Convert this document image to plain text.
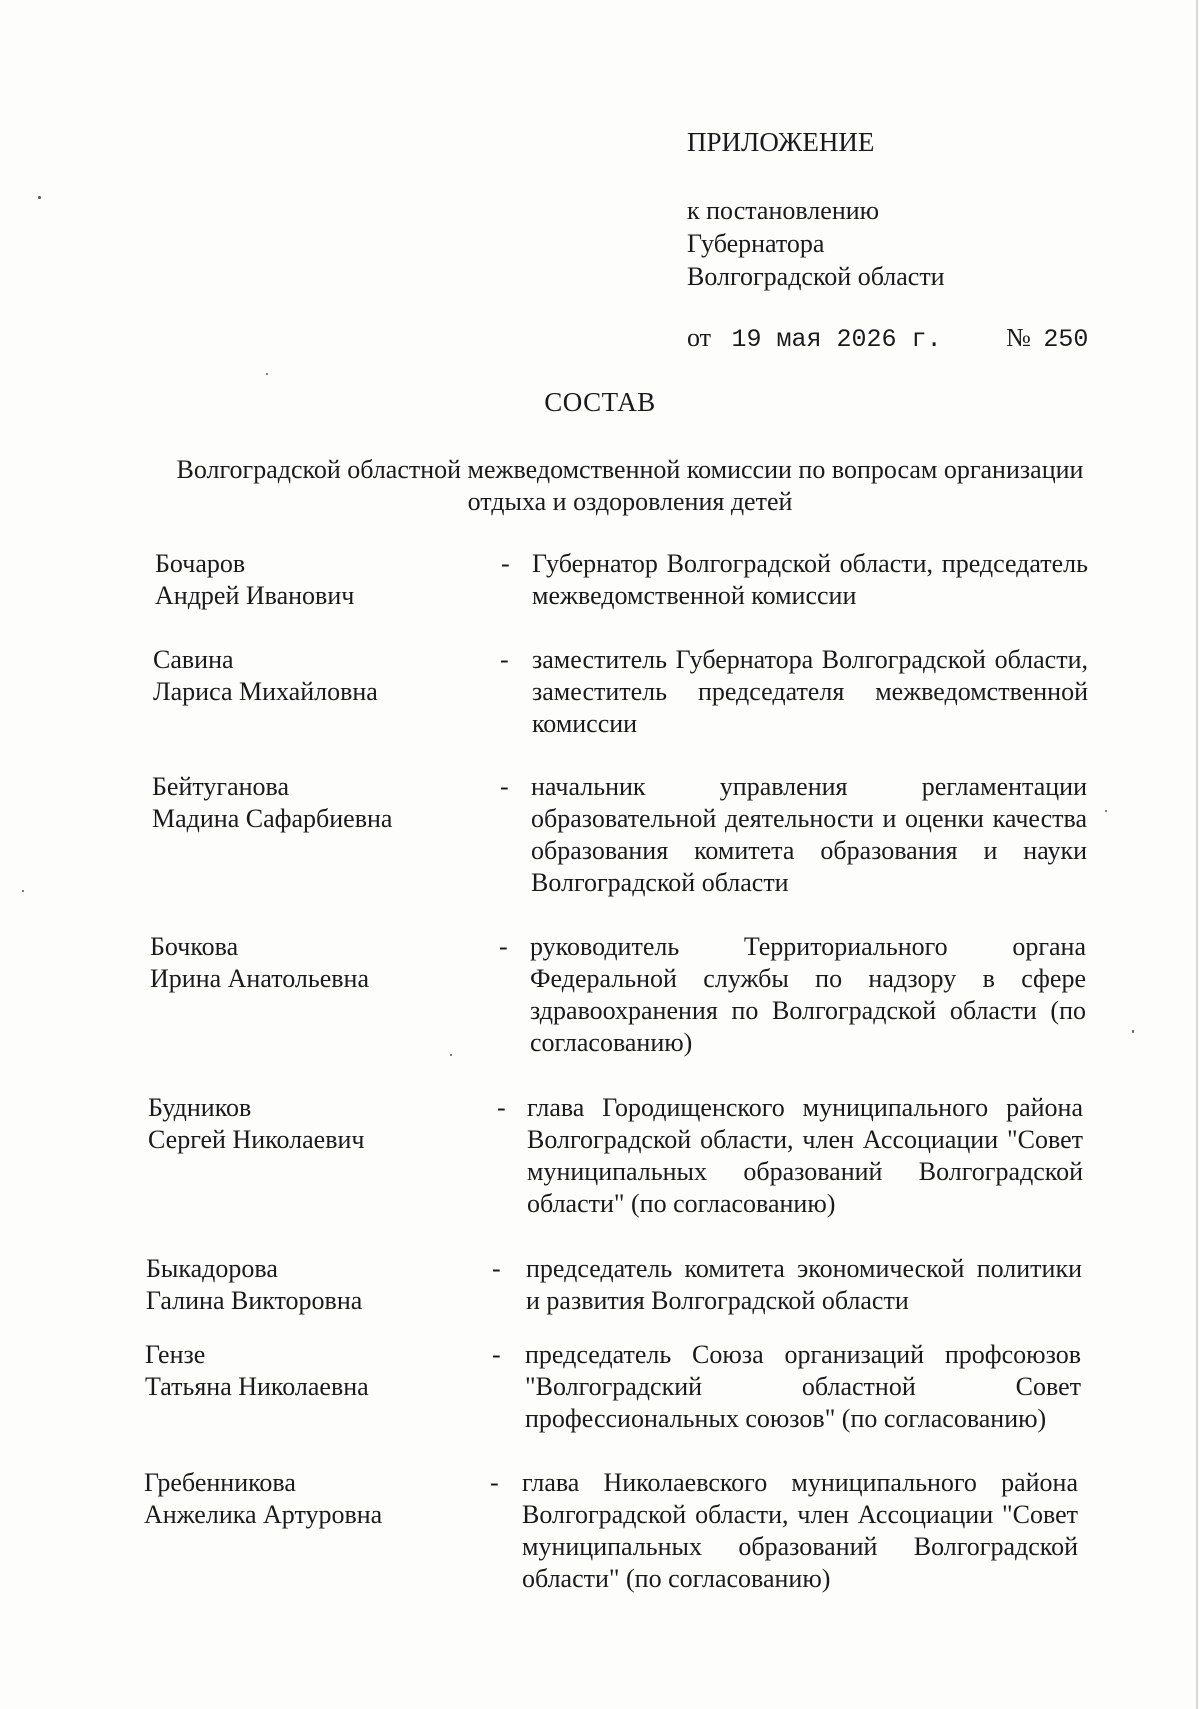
ПРИЛОЖЕНИЕ
к постановлению
Губернатора
Волгоградской области
от 19 мая 2026 г. № 250
СОСТАВ
Волгоградской областной межведомственной комиссии по вопросам организации отдыха и оздоровления детей
Бочаров
Андрей Иванович
- Губернатор Волгоградской области, председатель межведомственной комиссии
Савина
Лариса Михайловна
- заместитель Губернатора Волгоградской области, заместитель председателя межведомственной комиссии
Бейтуганова
Мадина Сафарбиевна
- начальник управления регламентации образовательной деятельности и оценки качества образования комитета образования и науки Волгоградской области
Бочкова
Ирина Анатольевна
- руководитель Территориального органа Федеральной службы по надзору в сфере здравоохранения по Волгоградской области (по согласованию)
Будников
Сергей Николаевич
- глава Городищенского муниципального района Волгоградской области, член Ассоциации "Совет муниципальных образований Волгоградской области" (по согласованию)
Быкадорова
Галина Викторовна
- председатель комитета экономической политики и развития Волгоградской области
Гензе
Татьяна Николаевна
- председатель Союза организаций профсоюзов "Волгоградский областной Совет профессиональных союзов" (по согласованию)
Гребенникова
Анжелика Артуровна
- глава Николаевского муниципального района Волгоградской области, член Ассоциации "Совет муниципальных образований Волгоградской области" (по согласованию)
